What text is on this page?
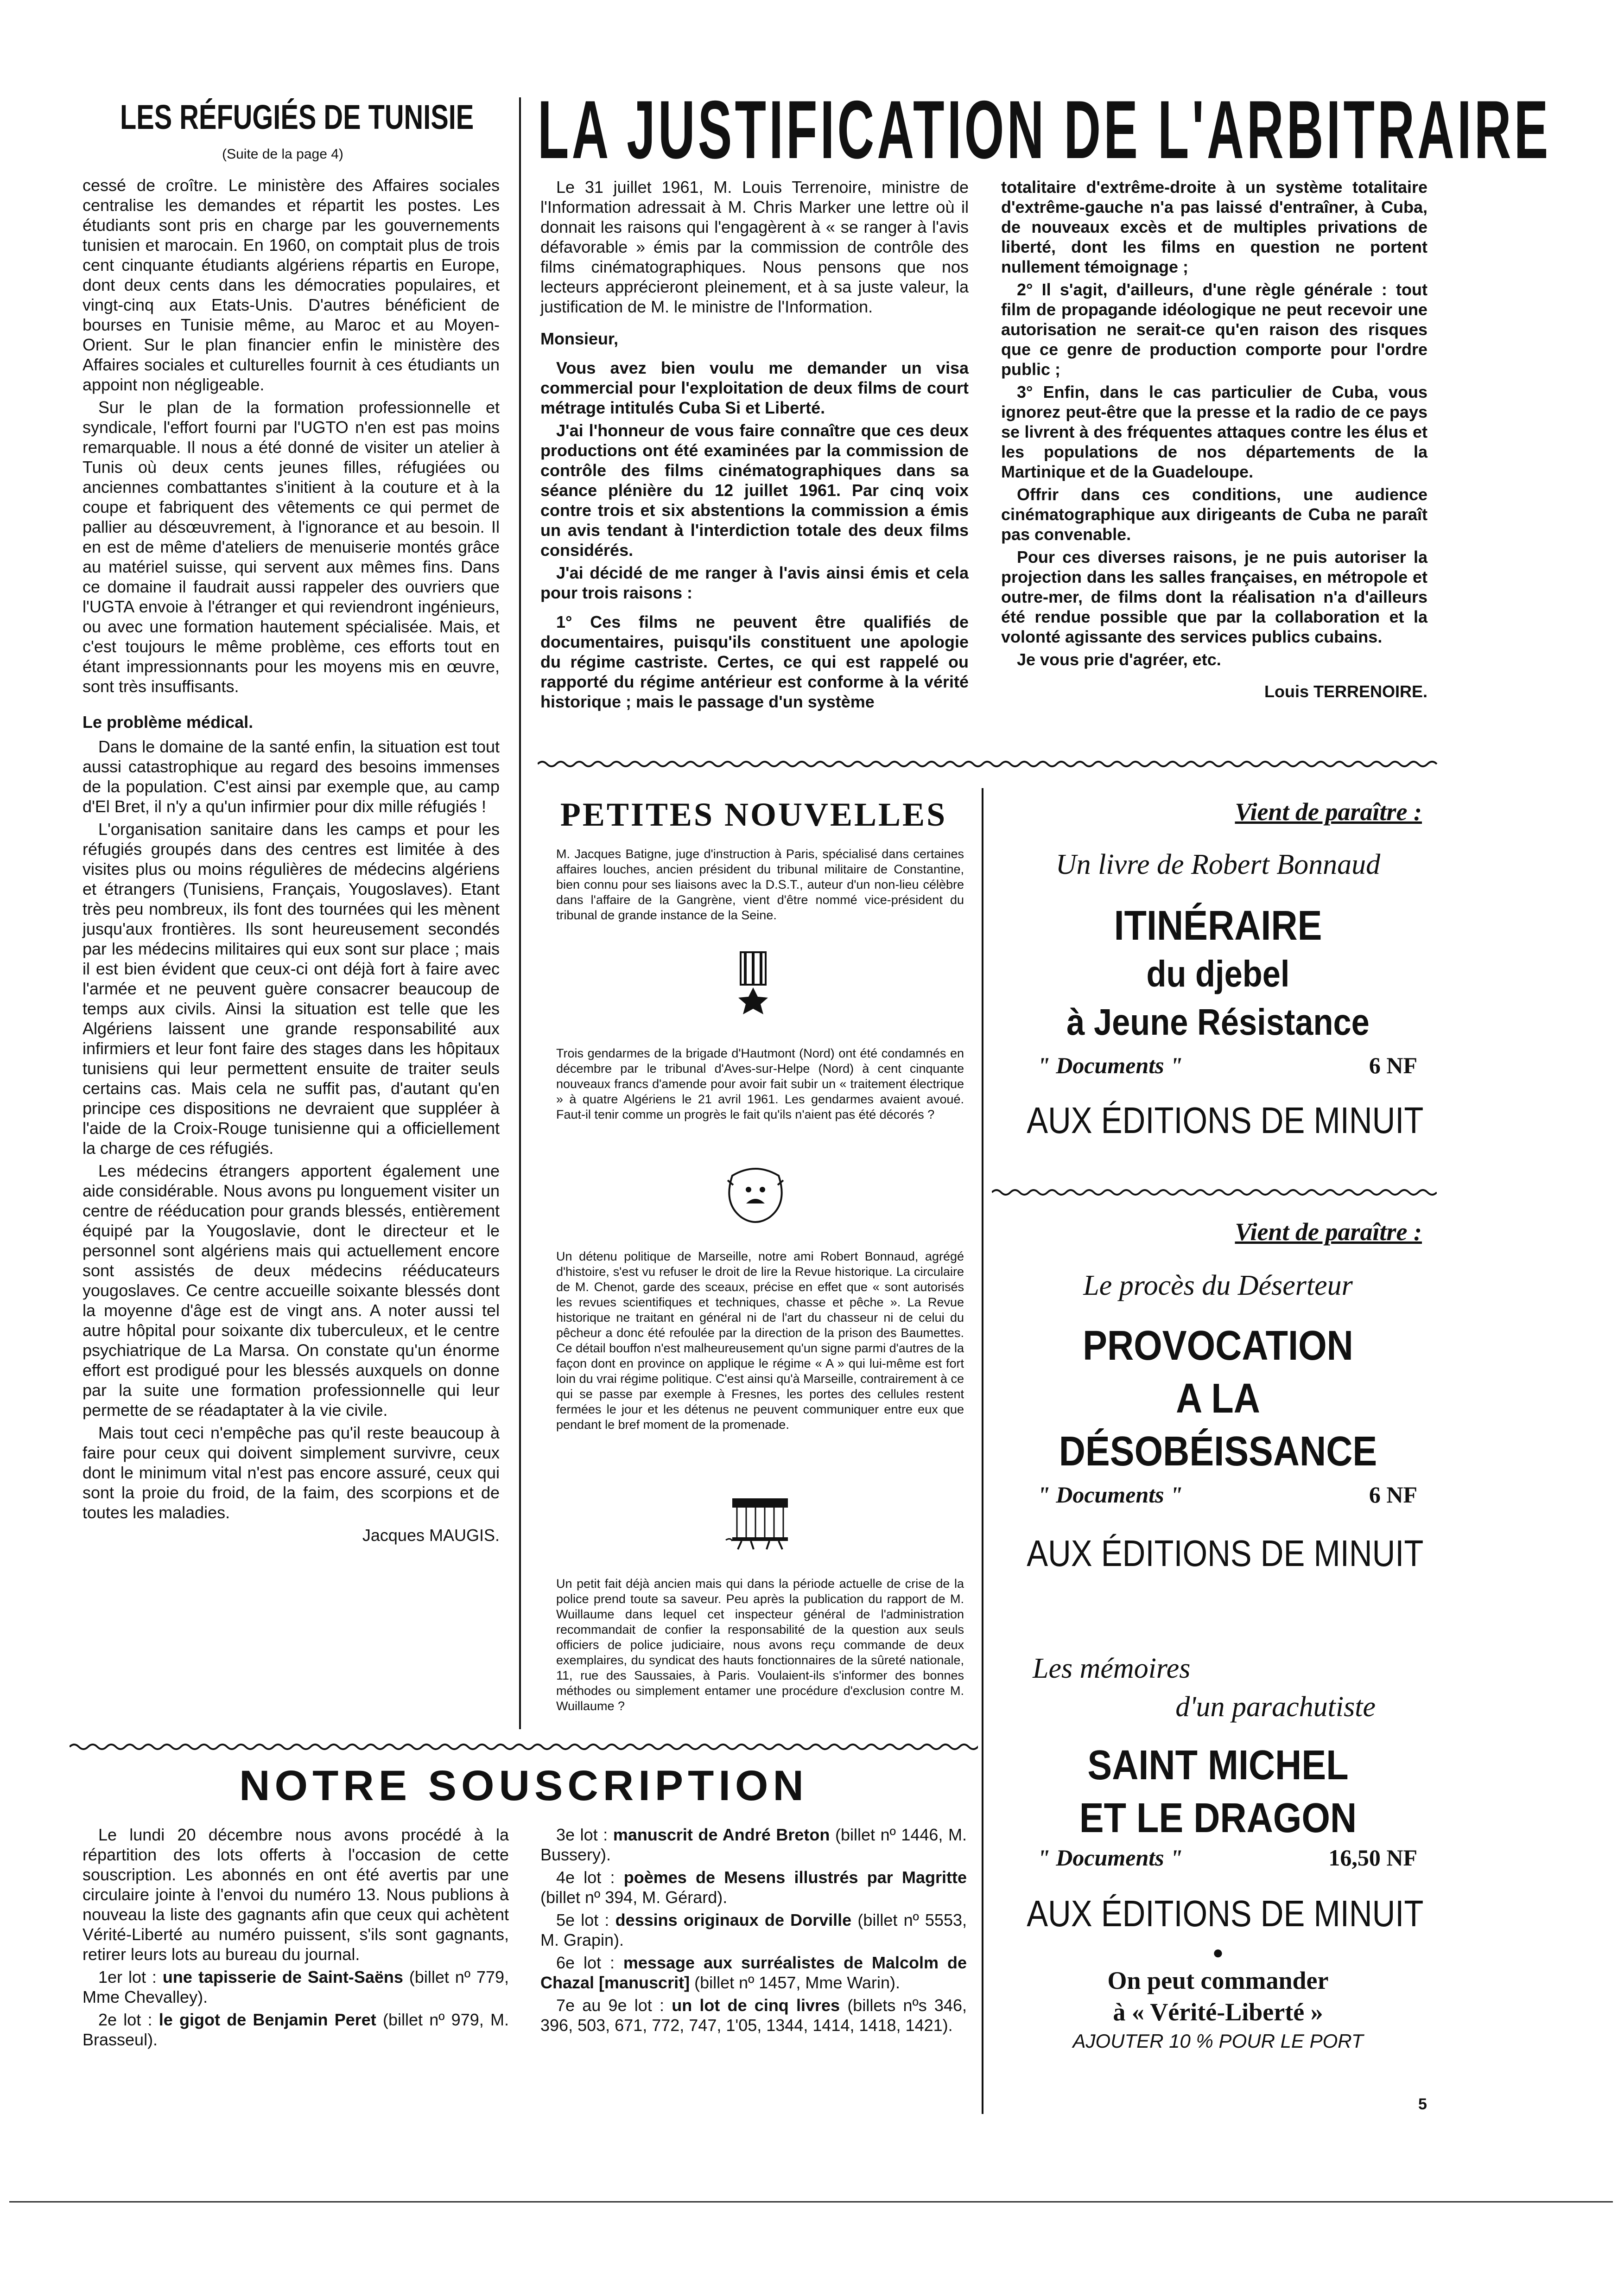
LES RÉFUGIÉS DE TUNISIE
(Suite de la page 4)

cessé de croître. Le ministère des Affaires sociales centralise les demandes et répartit les postes. Les étudiants sont pris en charge par les gouvernements tunisien et marocain. En 1960, on comptait plus de trois cent cinquante étudiants algériens répartis en Europe, dont deux cents dans les démocraties populaires, et vingt-cinq aux Etats-Unis. D'autres bénéficient de bourses en Tunisie même, au Maroc et au Moyen-Orient. Sur le plan financier enfin le ministère des Affaires sociales et culturelles fournit à ces étudiants un appoint non négligeable.

Sur le plan de la formation professionnelle et syndicale, l'effort fourni par l'UGTO n'en est pas moins remarquable. Il nous a été donné de visiter un atelier à Tunis où deux cents jeunes filles, réfugiées ou anciennes combattantes s'initient à la couture et à la coupe et fabriquent des vêtements ce qui permet de pallier au désœuvrement, à l'ignorance et au besoin. Il en est de même d'ateliers de menuiserie montés grâce au matériel suisse, qui servent aux mêmes fins. Dans ce domaine il faudrait aussi rappeler des ouvriers que l'UGTA envoie à l'étranger et qui reviendront ingénieurs, ou avec une formation hautement spécialisée. Mais, et c'est toujours le même problème, ces efforts tout en étant impressionnants pour les moyens mis en œuvre, sont très insuffisants.

Le problème médical.

Dans le domaine de la santé enfin, la situation est tout aussi catastrophique au regard des besoins immenses de la population. C'est ainsi par exemple que, au camp d'El Bret, il n'y a qu'un infirmier pour dix mille réfugiés !

L'organisation sanitaire dans les camps et pour les réfugiés groupés dans des centres est limitée à des visites plus ou moins régulières de médecins algériens et étrangers (Tunisiens, Français, Yougoslaves). Etant très peu nombreux, ils font des tournées qui les mènent jusqu'aux frontières. Ils sont heureusement secondés par les médecins militaires qui eux sont sur place ; mais il est bien évident que ceux-ci ont déjà fort à faire avec l'armée et ne peuvent guère consacrer beaucoup de temps aux civils. Ainsi la situation est telle que les Algériens laissent une grande responsabilité aux infirmiers et leur font faire des stages dans les hôpitaux tunisiens qui leur permettent ensuite de traiter seuls certains cas. Mais cela ne suffit pas, d'autant qu'en principe ces dispositions ne devraient que suppléer à l'aide de la Croix-Rouge tunisienne qui a officiellement la charge de ces réfugiés.

Les médecins étrangers apportent également une aide considérable. Nous avons pu longuement visiter un centre de rééducation pour grands blessés, entièrement équipé par la Yougoslavie, dont le directeur et le personnel sont algériens mais qui actuellement encore sont assistés de deux médecins rééducateurs yougoslaves. Ce centre accueille soixante blessés dont la moyenne d'âge est de vingt ans. A noter aussi tel autre hôpital pour soixante dix tuberculeux, et le centre psychiatrique de La Marsa. On constate qu'un énorme effort est prodigué pour les blessés auxquels on donne par la suite une formation professionnelle qui leur permette de se réadaptater à la vie civile.

Mais tout ceci n'empêche pas qu'il reste beaucoup à faire pour ceux qui doivent simplement survivre, ceux dont le minimum vital n'est pas encore assuré, ceux qui sont la proie du froid, de la faim, des scorpions et de toutes les maladies.

Jacques MAUGIS.

LA JUSTIFICATION DE L'ARBITRAIRE

Le 31 juillet 1961, M. Louis Terrenoire, ministre de l'Information adressait à M. Chris Marker une lettre où il donnait les raisons qui l'engagèrent à « se ranger à l'avis défavorable » émis par la commission de contrôle des films cinématographiques. Nous pensons que nos lecteurs apprécieront pleinement, et à sa juste valeur, la justification de M. le ministre de l'Information.

Monsieur,

Vous avez bien voulu me demander un visa commercial pour l'exploitation de deux films de court métrage intitulés Cuba Si et Liberté.

J'ai l'honneur de vous faire connaître que ces deux productions ont été examinées par la commission de contrôle des films cinématographiques dans sa séance plénière du 12 juillet 1961. Par cinq voix contre trois et six abstentions la commission a émis un avis tendant à l'interdiction totale des deux films considérés.

J'ai décidé de me ranger à l'avis ainsi émis et cela pour trois raisons :

1° Ces films ne peuvent être qualifiés de documentaires, puisqu'ils constituent une apologie du régime castriste. Certes, ce qui est rappelé ou rapporté du régime antérieur est conforme à la vérité historique ; mais le passage d'un système

totalitaire d'extrême-droite à un système totalitaire d'extrême-gauche n'a pas laissé d'entraîner, à Cuba, de nouveaux excès et de multiples privations de liberté, dont les films en question ne portent nullement témoignage ;

2° Il s'agit, d'ailleurs, d'une règle générale : tout film de propagande idéologique ne peut recevoir une autorisation ne serait-ce qu'en raison des risques que ce genre de production comporte pour l'ordre public ;

3° Enfin, dans le cas particulier de Cuba, vous ignorez peut-être que la presse et la radio de ce pays se livrent à des fréquentes attaques contre les élus et les populations de nos départements de la Martinique et de la Guadeloupe.

Offrir dans ces conditions, une audience cinématographique aux dirigeants de Cuba ne paraît pas convenable.

Pour ces diverses raisons, je ne puis autoriser la projection dans les salles françaises, en métropole et outre-mer, de films dont la réalisation n'a d'ailleurs été rendue possible que par la collaboration et la volonté agissante des services publics cubains.

Je vous prie d'agréer, etc.

Louis TERRENOIRE.

PETITES NOUVELLES

M. Jacques Batigne, juge d'instruction à Paris, spécialisé dans certaines affaires louches, ancien président du tribunal militaire de Constantine, bien connu pour ses liaisons avec la D.S.T., auteur d'un non-lieu célèbre dans l'affaire de la Gangrène, vient d'être nommé vice-président du tribunal de grande instance de la Seine.

Trois gendarmes de la brigade d'Hautmont (Nord) ont été condamnés en décembre par le tribunal d'Aves-sur-Helpe (Nord) à cent cinquante nouveaux francs d'amende pour avoir fait subir un « traitement électrique » à quatre Algériens le 21 avril 1961. Les gendarmes avaient avoué. Faut-il tenir comme un progrès le fait qu'ils n'aient pas été décorés ?

Un détenu politique de Marseille, notre ami Robert Bonnaud, agrégé d'histoire, s'est vu refuser le droit de lire la Revue historique. La circulaire de M. Chenot, garde des sceaux, précise en effet que « sont autorisés les revues scientifiques et techniques, chasse et pêche ». La Revue historique ne traitant en général ni de l'art du chasseur ni de celui du pêcheur a donc été refoulée par la direction de la prison des Baumettes. Ce détail bouffon n'est malheureusement qu'un signe parmi d'autres de la façon dont en province on applique le régime « A » qui lui-même est fort loin du vrai régime politique. C'est ainsi qu'à Marseille, contrairement à ce qui se passe par exemple à Fresnes, les portes des cellules restent fermées le jour et les détenus ne peuvent communiquer entre eux que pendant le bref moment de la promenade.

Un petit fait déjà ancien mais qui dans la période actuelle de crise de la police prend toute sa saveur. Peu après la publication du rapport de M. Wuillaume dans lequel cet inspecteur général de l'administration recommandait de confier la responsabilité de la question aux seuls officiers de police judiciaire, nous avons reçu commande de deux exemplaires, du syndicat des hauts fonctionnaires de la sûreté nationale, 11, rue des Saussaies, à Paris. Voulaient-ils s'informer des bonnes méthodes ou simplement entamer une procédure d'exclusion contre M. Wuillaume ?

Vient de paraître :
Un livre de Robert Bonnaud
ITINÉRAIRE
du djebel
à Jeune Résistance
" Documents "	6 NF
AUX ÉDITIONS DE MINUIT
Vient de paraître :
Le procès du Déserteur
PROVOCATION
A LA
DÉSOBÉISSANCE
" Documents "	6 NF
AUX ÉDITIONS DE MINUIT
Les mémoires
d'un parachutiste
SAINT MICHEL
ET LE DRAGON
" Documents "	16,50 NF
AUX ÉDITIONS DE MINUIT
●
On peut commander
à « Vérité-Liberté »
AJOUTER 10 % POUR LE PORT
NOTRE SOUSCRIPTION

Le lundi 20 décembre nous avons procédé à la répartition des lots offerts à l'occasion de cette souscription. Les abonnés en ont été avertis par une circulaire jointe à l'envoi du numéro 13. Nous publions à nouveau la liste des gagnants afin que ceux qui achètent Vérité-Liberté au numéro puissent, s'ils sont gagnants, retirer leurs lots au bureau du journal.

1er lot : une tapisserie de Saint-Saëns (billet nº 779, Mme Chevalley).

2e lot : le gigot de Benjamin Peret (billet nº 979, M. Brasseul).

3e lot : manuscrit de André Breton (billet nº 1446, M. Bussery).

4e lot : poèmes de Mesens illustrés par Magritte (billet nº 394, M. Gérard).

5e lot : dessins originaux de Dorville (billet nº 5553, M. Grapin).

6e lot : message aux surréalistes de Malcolm de Chazal [manuscrit] (billet nº 1457, Mme Warin).

7e au 9e lot : un lot de cinq livres (billets nºs 346, 396, 503, 671, 772, 747, 1'05, 1344, 1414, 1418, 1421).

5
